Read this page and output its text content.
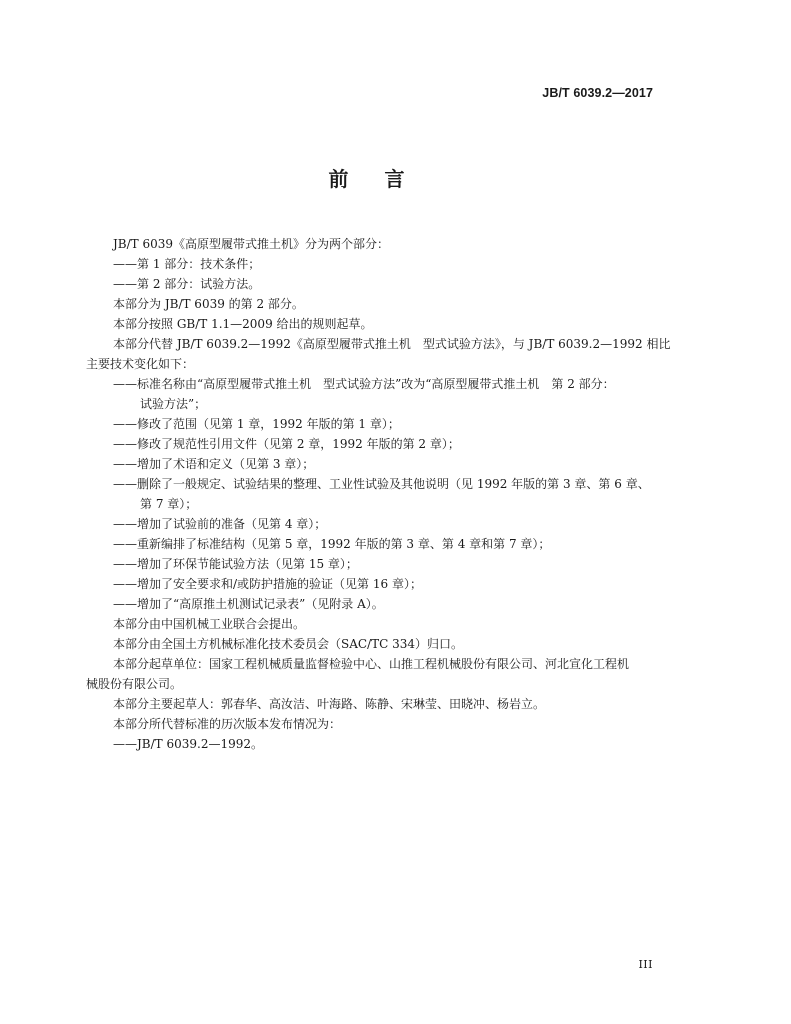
JB/T 6039.2—2017
前 言
JB/T 6039《高原型履带式推土机》分为两个部分：
——第 1 部分：技术条件；
——第 2 部分：试验方法。
本部分为 JB/T 6039 的第 2 部分。
本部分按照 GB/T 1.1—2009 给出的规则起草。
本部分代替 JB/T 6039.2—1992《高原型履带式推土机　型式试验方法》，与 JB/T 6039.2—1992 相比
主要技术变化如下：
——标准名称由“高原型履带式推土机　型式试验方法”改为“高原型履带式推土机　第 2 部分：
试验方法”；
——修改了范围（见第 1 章，1992 年版的第 1 章）；
——修改了规范性引用文件（见第 2 章，1992 年版的第 2 章）；
——增加了术语和定义（见第 3 章）；
——删除了一般规定、试验结果的整理、工业性试验及其他说明（见 1992 年版的第 3 章、第 6 章、
第 7 章）；
——增加了试验前的准备（见第 4 章）；
——重新编排了标准结构（见第 5 章，1992 年版的第 3 章、第 4 章和第 7 章）；
——增加了环保节能试验方法（见第 15 章）；
——增加了安全要求和/或防护措施的验证（见第 16 章）；
——增加了“高原推土机测试记录表”（见附录 A）。
本部分由中国机械工业联合会提出。
本部分由全国土方机械标准化技术委员会（SAC/TC 334）归口。
本部分起草单位：国家工程机械质量监督检验中心、山推工程机械股份有限公司、河北宣化工程机
械股份有限公司。
本部分主要起草人：郭春华、高汝洁、叶海路、陈静、宋琳莹、田晓冲、杨岩立。
本部分所代替标准的历次版本发布情况为：
——JB/T 6039.2—1992。
III
